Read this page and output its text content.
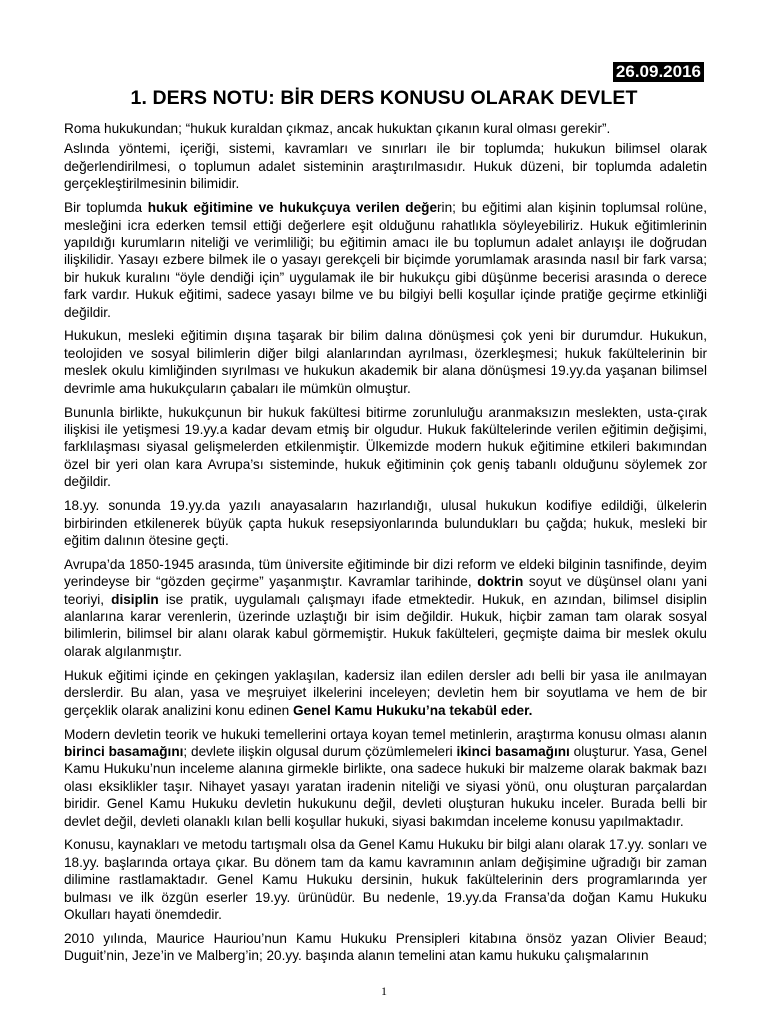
26.09.2016
1. DERS NOTU: BİR DERS KONUSU OLARAK DEVLET

Roma hukukundan; “hukuk kuraldan çıkmaz, ancak hukuktan çıkanın kural olması gerekir”.

Aslında yöntemi, içeriği, sistemi, kavramları ve sınırları ile bir toplumda; hukukun bilimsel olarak değerlendirilmesi, o toplumun adalet sisteminin araştırılmasıdır. Hukuk düzeni, bir toplumda adaletin gerçekleştirilmesinin bilimidir.

Bir toplumda hukuk eğitimine ve hukukçuya verilen değerin; bu eğitimi alan kişinin toplumsal rolüne, mesleğini icra ederken temsil ettiği değerlere eşit olduğunu rahatlıkla söyleyebiliriz. Hukuk eğitimlerinin yapıldığı kurumların niteliği ve verimliliği; bu eğitimin amacı ile bu toplumun adalet anlayışı ile doğrudan ilişkilidir. Yasayı ezbere bilmek ile o yasayı gerekçeli bir biçimde yorumlamak arasında nasıl bir fark varsa; bir hukuk kuralını “öyle dendiği için” uygulamak ile bir hukukçu gibi düşünme becerisi arasında o derece fark vardır. Hukuk eğitimi, sadece yasayı bilme ve bu bilgiyi belli koşullar içinde pratiğe geçirme etkinliği değildir.

Hukukun, mesleki eğitimin dışına taşarak bir bilim dalına dönüşmesi çok yeni bir durumdur. Hukukun, teolojiden ve sosyal bilimlerin diğer bilgi alanlarından ayrılması, özerkleşmesi; hukuk fakültelerinin bir meslek okulu kimliğinden sıyrılması ve hukukun akademik bir alana dönüşmesi 19.yy.da yaşanan bilimsel devrimle ama hukukçuların çabaları ile mümkün olmuştur.

Bununla birlikte, hukukçunun bir hukuk fakültesi bitirme zorunluluğu aranmaksızın meslekten, usta-çırak ilişkisi ile yetişmesi 19.yy.a kadar devam etmiş bir olgudur. Hukuk fakültelerinde verilen eğitimin değişimi, farklılaşması siyasal gelişmelerden etkilenmiştir. Ülkemizde modern hukuk eğitimine etkileri bakımından özel bir yeri olan kara Avrupa’sı sisteminde, hukuk eğitiminin çok geniş tabanlı olduğunu söylemek zor değildir.

18.yy. sonunda 19.yy.da yazılı anayasaların hazırlandığı, ulusal hukukun kodifiye edildiği, ülkelerin birbirinden etkilenerek büyük çapta hukuk resepsiyonlarında bulundukları bu çağda; hukuk, mesleki bir eğitim dalının ötesine geçti.

Avrupa’da 1850-1945 arasında, tüm üniversite eğitiminde bir dizi reform ve eldeki bilginin tasnifinde, deyim yerindeyse bir “gözden geçirme” yaşanmıştır. Kavramlar tarihinde, doktrin soyut ve düşünsel olanı yani teoriyi, disiplin ise pratik, uygulamalı çalışmayı ifade etmektedir. Hukuk, en azından, bilimsel disiplin alanlarına karar verenlerin, üzerinde uzlaştığı bir isim değildir. Hukuk, hiçbir zaman tam olarak sosyal bilimlerin, bilimsel bir alanı olarak kabul görmemiştir. Hukuk fakülteleri, geçmişte daima bir meslek okulu olarak algılanmıştır.

Hukuk eğitimi içinde en çekingen yaklaşılan, kadersiz ilan edilen dersler adı belli bir yasa ile anılmayan derslerdir. Bu alan, yasa ve meşruiyet ilkelerini inceleyen; devletin hem bir soyutlama ve hem de bir gerçeklik olarak analizini konu edinen Genel Kamu Hukuku’na tekabül eder.

Modern devletin teorik ve hukuki temellerini ortaya koyan temel metinlerin, araştırma konusu olması alanın birinci basamağını; devlete ilişkin olgusal durum çözümlemeleri ikinci basamağını oluşturur. Yasa, Genel Kamu Hukuku’nun inceleme alanına girmekle birlikte, ona sadece hukuki bir malzeme olarak bakmak bazı olası eksiklikler taşır. Nihayet yasayı yaratan iradenin niteliği ve siyasi yönü, onu oluşturan parçalardan biridir. Genel Kamu Hukuku devletin hukukunu değil, devleti oluşturan hukuku inceler. Burada belli bir devlet değil, devleti olanaklı kılan belli koşullar hukuki, siyasi bakımdan inceleme konusu yapılmaktadır.

Konusu, kaynakları ve metodu tartışmalı olsa da Genel Kamu Hukuku bir bilgi alanı olarak 17.yy. sonları ve 18.yy. başlarında ortaya çıkar. Bu dönem tam da kamu kavramının anlam değişimine uğradığı bir zaman dilimine rastlamaktadır. Genel Kamu Hukuku dersinin, hukuk fakültelerinin ders programlarında yer bulması ve ilk özgün eserler 19.yy. ürünüdür. Bu nedenle, 19.yy.da Fransa’da doğan Kamu Hukuku Okulları hayati önemdedir.

2010 yılında, Maurice Hauriou’nun Kamu Hukuku Prensipleri kitabına önsöz yazan Olivier Beaud; Duguit’nin, Jeze’in ve Malberg’in; 20.yy. başında alanın temelini atan kamu hukuku çalışmalarının

1
